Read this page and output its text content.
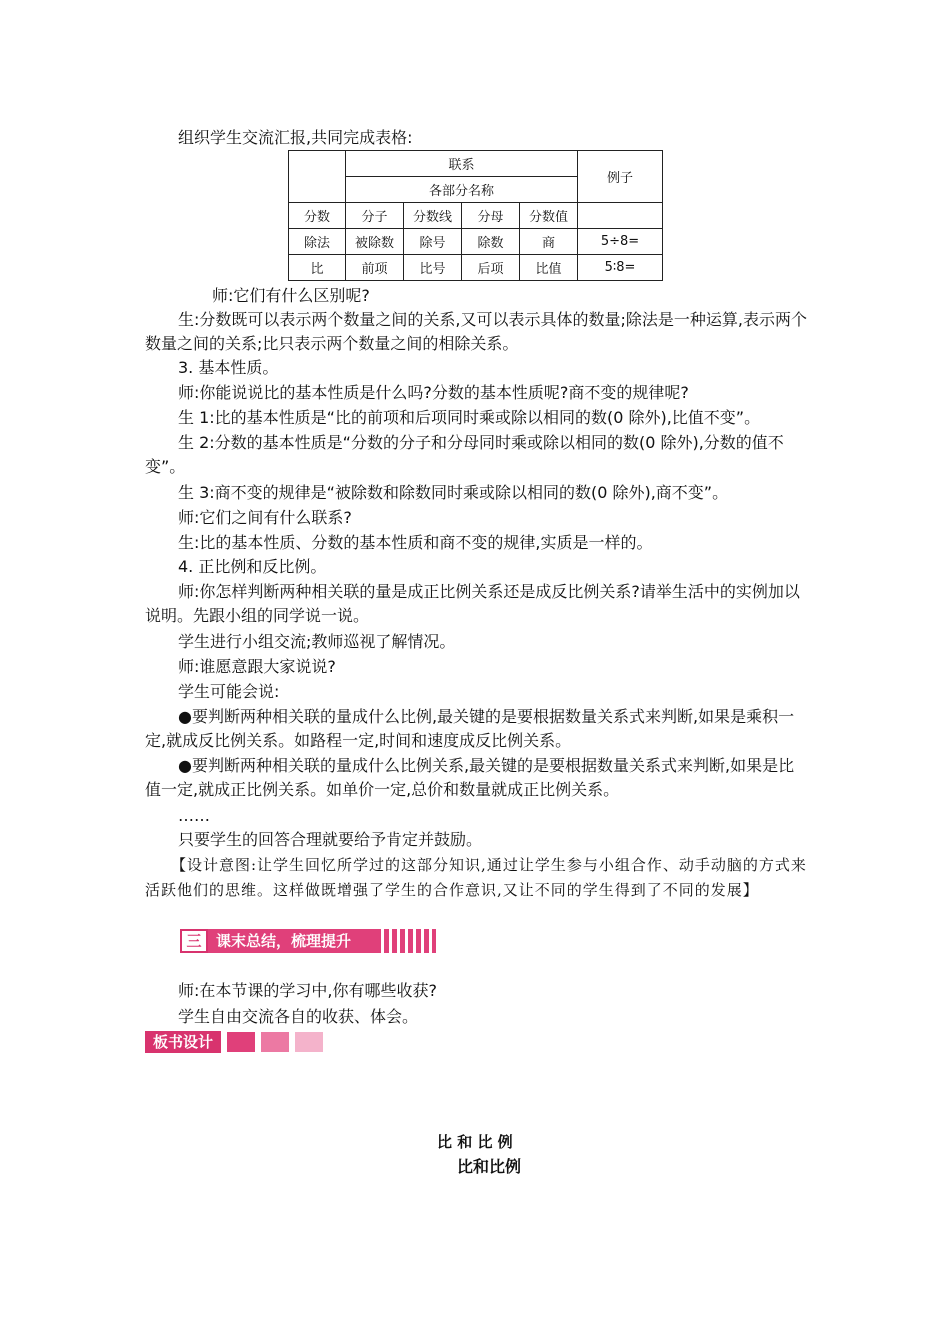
组织学生交流汇报,共同完成表格:
	联系				例子
	各部分名称				
分数	分子	分数线	分母	分数值	
除法	被除数	除号	除数	商	5÷8=
比	前项	比号	后项	比值	5∶8=
师:它们有什么区别呢?
生:分数既可以表示两个数量之间的关系,又可以表示具体的数量;除法是一种运算,表示两个数量之间的关系;比只表示两个数量之间的相除关系。
3. 基本性质。
师:你能说说比的基本性质是什么吗?分数的基本性质呢?商不变的规律呢?
生 1:比的基本性质是“比的前项和后项同时乘或除以相同的数(0 除外),比值不变”。
生 2:分数的基本性质是“分数的分子和分母同时乘或除以相同的数(0 除外),分数的值不变”。
生 3:商不变的规律是“被除数和除数同时乘或除以相同的数(0 除外),商不变”。
师:它们之间有什么联系?
生:比的基本性质、分数的基本性质和商不变的规律,实质是一样的。
4. 正比例和反比例。
师:你怎样判断两种相关联的量是成正比例关系还是成反比例关系?请举生活中的实例加以说明。先跟小组的同学说一说。
学生进行小组交流;教师巡视了解情况。
师:谁愿意跟大家说说?
学生可能会说:
●要判断两种相关联的量成什么比例,最关键的是要根据数量关系式来判断,如果是乘积一定,就成反比例关系。如路程一定,时间和速度成反比例关系。
●要判断两种相关联的量成什么比例关系,最关键的是要根据数量关系式来判断,如果是比值一定,就成正比例关系。如单价一定,总价和数量就成正比例关系。
……
只要学生的回答合理就要给予肯定并鼓励。
【设计意图:让学生回忆所学过的这部分知识,通过让学生参与小组合作、动手动脑的方式来活跃他们的思维。这样做既增强了学生的合作意识,又让不同的学生得到了不同的发展】
三 课末总结，梳理提升
师:在本节课的学习中,你有哪些收获?
学生自由交流各自的收获、体会。
板书设计
比 和 比 例
比和比例
